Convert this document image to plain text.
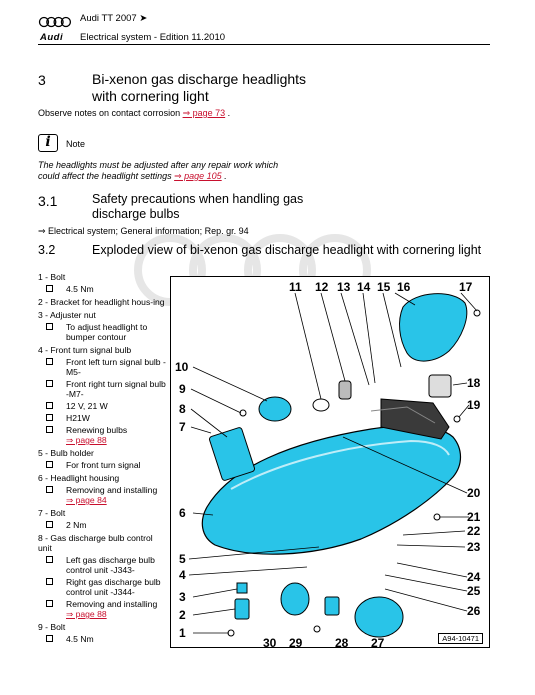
Audi TT 2007 ➤
Audi Electrical system - Edition 11.2010
3	Bi-xenon gas discharge headlights
with cornering light
Observe notes on contact corrosion ⇒ page 73 .
i	Note
The headlights must be adjusted after any repair work which
could affect the headlight settings ⇒ page 105 .
3.1	Safety precautions when handling gas
discharge bulbs
⇒ Electrical system; General information; Rep. gr. 94
3.2	Exploded view of bi-xenon gas discharge headlight with cornering light
1 - Bolt
4.5 Nm
2 - Bracket for headlight hous-ing
3 - Adjuster nut
To adjust headlight to bumper contour
4 - Front turn signal bulb
Front left turn signal bulb -M5-
Front right turn signal bulb -M7-
12 V, 21 W
H21W
Renewing bulbs
⇒ page 88
5 - Bulb holder
For front turn signal
6 - Headlight housing
Removing and installing
⇒ page 84
7 - Bolt
2 Nm
8 - Gas discharge bulb control unit
Left gas discharge bulb control unit -J343-
Right gas discharge bulb control unit -J344-
Removing and installing
⇒ page 88
9 - Bolt
4.5 Nm
10
9
8
7
6
5
4
3
2
1
11 12 13 14 15 16	17
18
19
20
21
22
23
24
25
26
27
28
29
30	A94-10471
